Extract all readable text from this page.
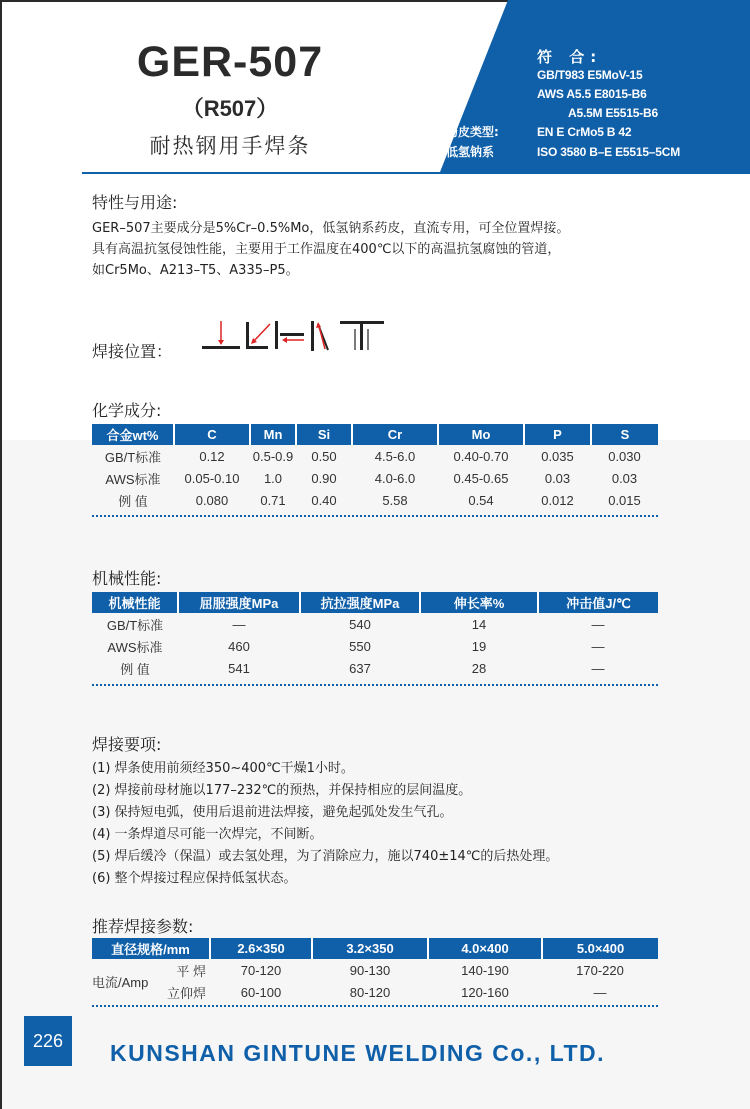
GER-507
（R507）
耐热钢用手焊条
符 合:
GB/T983 E5MoV-15
AWS A5.5 E8015-B6
A5.5M E5515-B6
药皮类型:	EN E CrMo5 B 42
低氢钠系	ISO 3580 B–E E5515–5CM
特性与用途:
GER–507主要成分是5%Cr–0.5%Mo，低氢钠系药皮，直流专用，可全位置焊接。
具有高温抗氢侵蚀性能，主要用于工作温度在400℃以下的高温抗氢腐蚀的管道，
如Cr5Mo、A213–T5、A335–P5。
焊接位置：
化学成分:
合金wt%	C	Mn	Si	Cr	Mo	P	S
GB/T标准	0.12	0.5-0.9	0.50	4.5-6.0	0.40-0.70	0.035	0.030
AWS标准	0.05-0.10	1.0	0.90	4.0-6.0	0.45-0.65	0.03	0.03
例 值	0.080	0.71	0.40	5.58	0.54	0.012	0.015
机械性能:
机械性能	屈服强度MPa	抗拉强度MPa	伸长率%	冲击值J/℃
GB/T标准	—	540	14	—
AWS标准	460	550	19	—
例 值	541	637	28	—
焊接要项:
(1) 焊条使用前须经350~400℃干燥1小时。
(2) 焊接前母材施以177–232℃的预热，并保持相应的层间温度。
(3) 保持短电弧，使用后退前进法焊接，避免起弧处发生气孔。
(4) 一条焊道尽可能一次焊完，不间断。
(5) 焊后缓冷（保温）或去氢处理，为了消除应力，施以740±14℃的后热处理。
(6) 整个焊接过程应保持低氢状态。
推荐焊接参数:
直径规格/mm		2.6×350	3.2×350	4.0×400	5.0×400
电流/Amp	平 焊	70-120	90-130	140-190	170-220
	立仰焊	60-100	80-120	120-160	—
226	KUNSHAN GINTUNE WELDING Co., LTD.
